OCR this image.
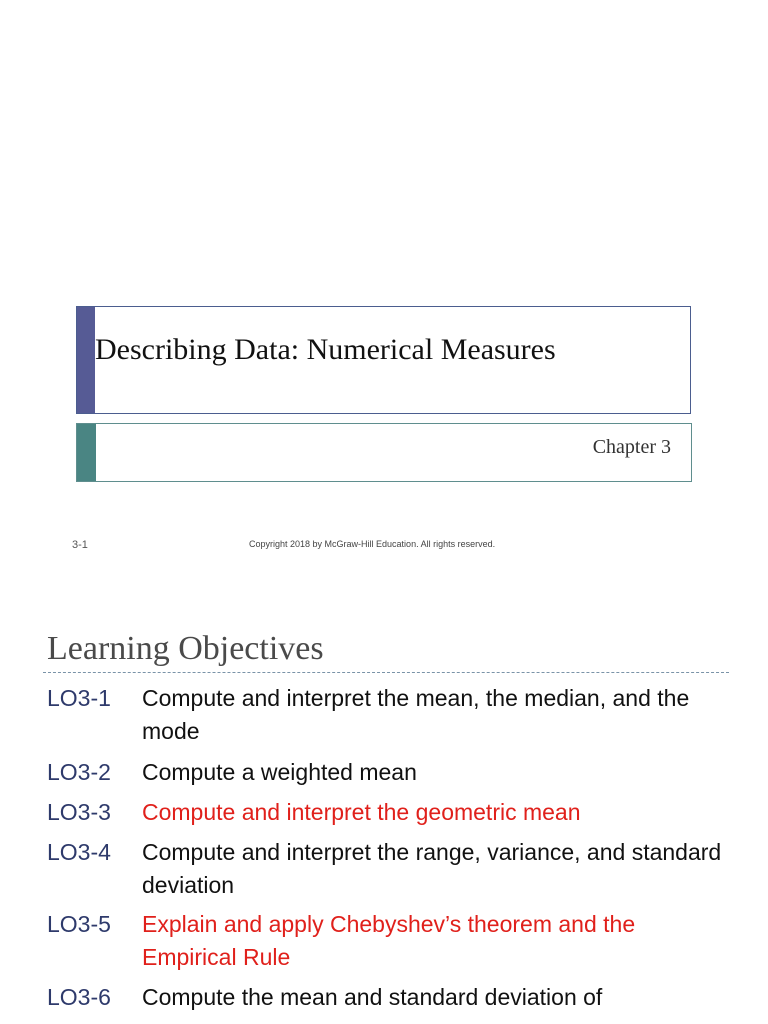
Describing Data: Numerical Measures
Chapter 3
3-1	Copyright 2018 by McGraw-Hill Education. All rights reserved.
Learning Objectives
LO3-1 Compute and interpret the mean, the median, and the mode
LO3-2 Compute a weighted mean
LO3-3 Compute and interpret the geometric mean
LO3-4 Compute and interpret the range, variance, and standard deviation
LO3-5 Explain and apply Chebyshev’s theorem and the Empirical Rule
LO3-6 Compute the mean and standard deviation of
